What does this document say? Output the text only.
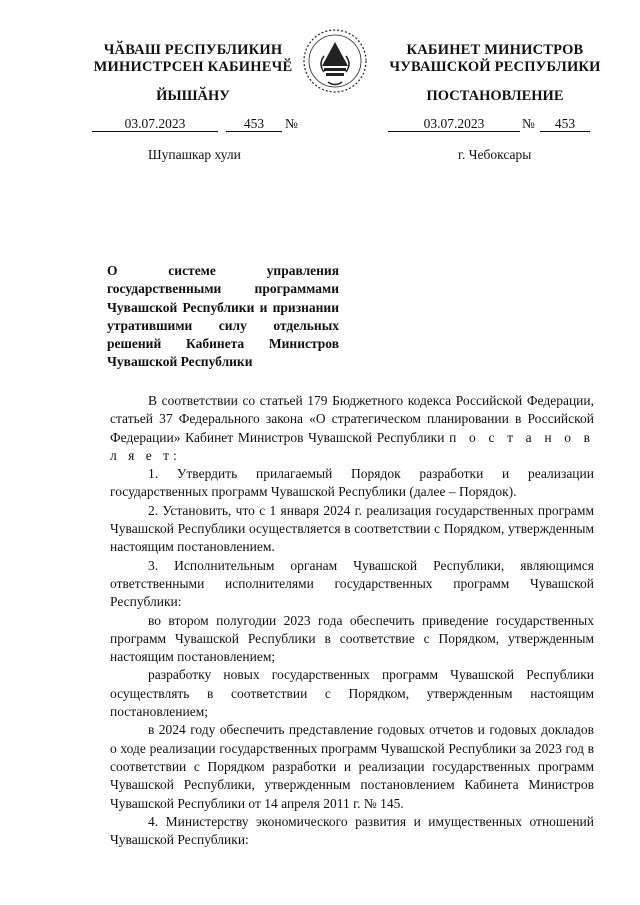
ЧӐВАШ РЕСПУБЛИКИН
МИНИСТРСЕН КАБИНЕЧӖ
ЙЫШӐНУ
КАБИНЕТ МИНИСТРОВ
ЧУВАШСКОЙ РЕСПУБЛИКИ
ПОСТАНОВЛЕНИЕ
03.07.2023	453	№
Шупашкар хули
03.07.2023	№	453
г. Чебоксары
О системе управления государственными программами Чувашской Республики и признании утратившими силу отдельных решений Кабинета Министров Чувашской Республики

В соответствии со статьей 179 Бюджетного кодекса Российской Федерации, статьей 37 Федерального закона «О стратегическом планировании в Российской Федерации» Кабинет Министров Чувашской Республики п о с т а н о в л я е т:

1. Утвердить прилагаемый Порядок разработки и реализации государственных программ Чувашской Республики (далее – Порядок).

2. Установить, что с 1 января 2024 г. реализация государственных программ Чувашской Республики осуществляется в соответствии с Порядком, утвержденным настоящим постановлением.

3. Исполнительным органам Чувашской Республики, являющимся ответственными исполнителями государственных программ Чувашской Республики:

во втором полугодии 2023 года обеспечить приведение государственных программ Чувашской Республики в соответствие с Порядком, утвержденным настоящим постановлением;

разработку новых государственных программ Чувашской Республики осуществлять в соответствии с Порядком, утвержденным настоящим постановлением;

в 2024 году обеспечить представление годовых отчетов и годовых докладов о ходе реализации государственных программ Чувашской Республики за 2023 год в соответствии с Порядком разработки и реализации государственных программ Чувашской Республики, утвержденным постановлением Кабинета Министров Чувашской Республики от 14 апреля 2011 г. № 145.

4. Министерству экономического развития и имущественных отношений Чувашской Республики:
